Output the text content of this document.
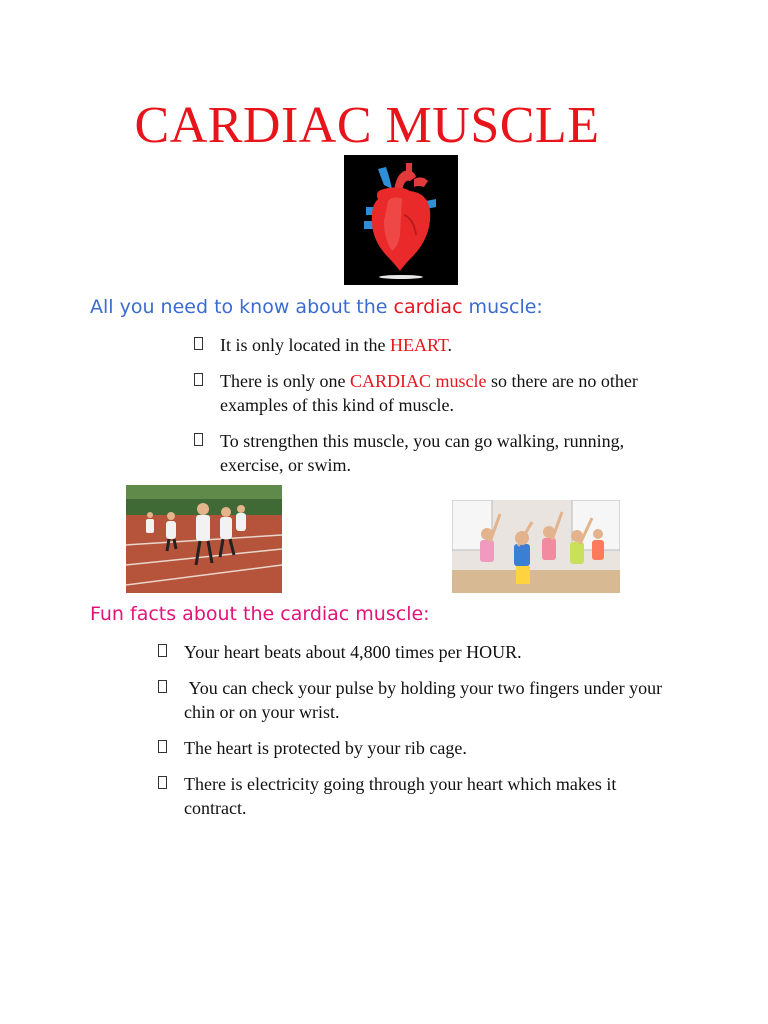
CARDIAC MUSCLE
All you need to know about the cardiac muscle:
It is only located in the HEART.
There is only one CARDIAC muscle so there are no other examples of this kind of muscle.
To strengthen this muscle, you can go walking, running, exercise, or swim.
Fun facts about the cardiac muscle:
Your heart beats about 4,800 times per HOUR.
You can check your pulse by holding your two fingers under your chin or on your wrist.
The heart is protected by your rib cage.
There is electricity going through your heart which makes it contract.
